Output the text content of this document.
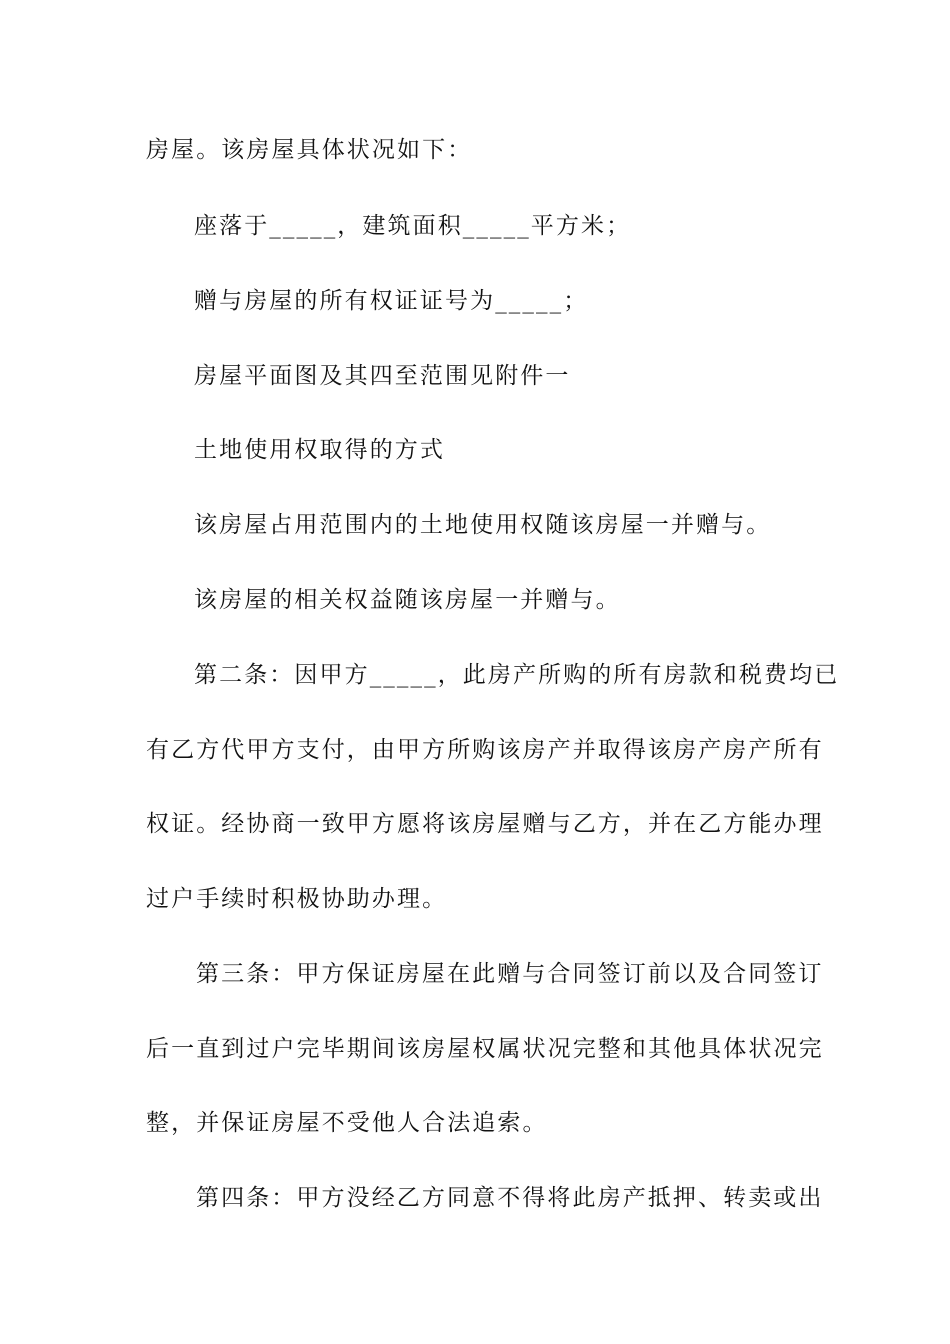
房屋。该房屋具体状况如下：
座落于_____，建筑面积_____平方米；
赠与房屋的所有权证证号为_____；
房屋平面图及其四至范围见附件一
土地使用权取得的方式
该房屋占用范围内的土地使用权随该房屋一并赠与。
该房屋的相关权益随该房屋一并赠与。
第二条：因甲方_____，此房产所购的所有房款和税费均已
有乙方代甲方支付，由甲方所购该房产并取得该房产房产所有
权证。经协商一致甲方愿将该房屋赠与乙方，并在乙方能办理
过户手续时积极协助办理。
第三条：甲方保证房屋在此赠与合同签订前以及合同签订
后一直到过户完毕期间该房屋权属状况完整和其他具体状况完
整，并保证房屋不受他人合法追索。
第四条：甲方没经乙方同意不得将此房产抵押、转卖或出
